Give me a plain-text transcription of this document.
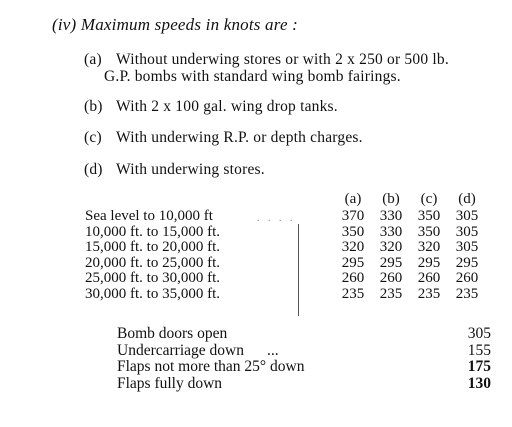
(iv) Maximum speeds in knots are :
(a) Without underwing stores or with 2 x 250 or 500 lb.
G.P. bombs with standard wing bomb fairings.
(b) With 2 x 100 gal. wing drop tanks.
(c) With underwing R.P. or depth charges.
(d) With underwing stores.
(a)	(b)	(c)	(d)
Sea level to 10,000 ft	. . . .	370	330	350	305
10,000 ft. to 15,000 ft.	350	330	350	305
15,000 ft. to 20,000 ft.	320	320	320	305
20,000 ft. to 25,000 ft.	295	295	295	295
25,000 ft. to 30,000 ft.	260	260	260	260
30,000 ft. to 35,000 ft.	235	235	235	235
Bomb doors open	305
Undercarriage down ...	155
Flaps not more than 25° down	175
Flaps fully down	130
